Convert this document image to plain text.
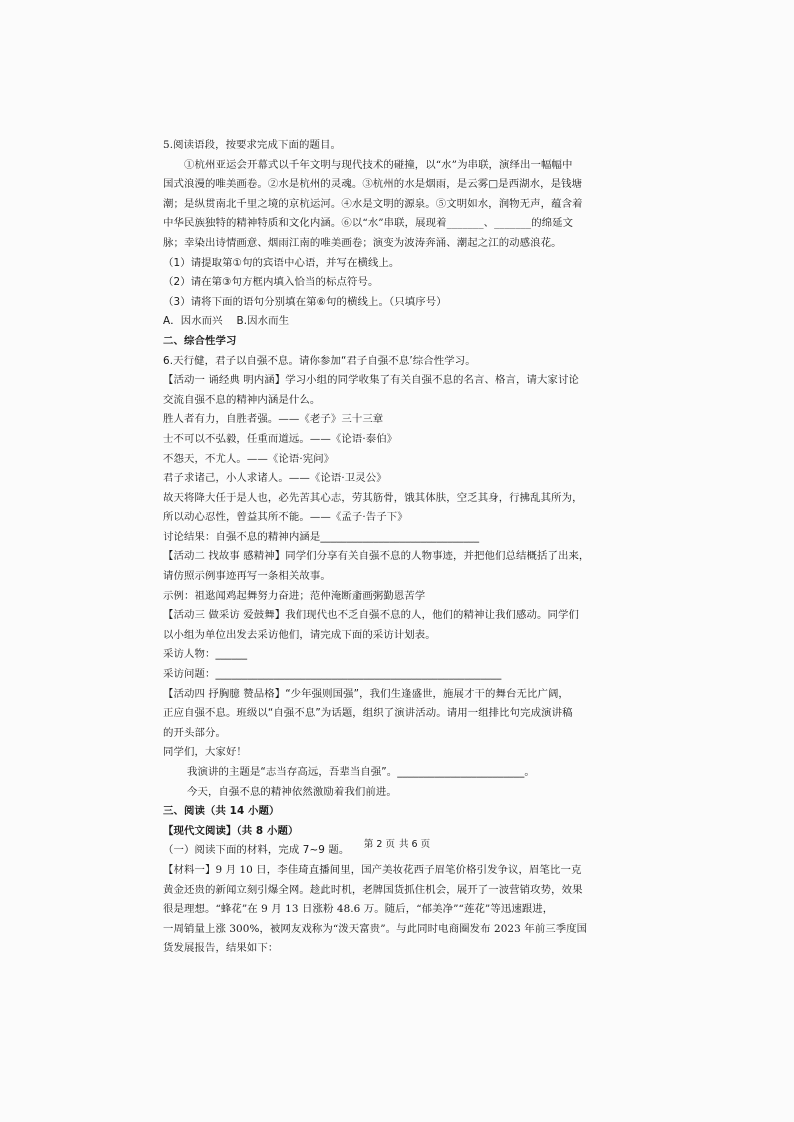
5.阅读语段，按要求完成下面的题目。
①杭州亚运会开幕式以千年文明与现代技术的碰撞，以“水”为串联，演绎出一幅幅中
国式浪漫的唯美画卷。②水是杭州的灵魂。③杭州的水是烟雨，是云雾□是西湖水，是钱塘
潮；是纵贯南北千里之境的京杭运河。④水是文明的源泉。⑤文明如水，润物无声，蕴含着
中华民族独特的精神特质和文化内涵。⑥以“水”串联，展现着_______、_______的绵延文
脉；幸染出诗情画意、烟雨江南的唯美画卷；演变为波涛奔涌、潮起之江的动感浪花。
（1）请提取第①句的宾语中心语，并写在横线上。
（2）请在第③句方框内填入恰当的标点符号。
（3）请将下面的语句分别填在第⑥句的横线上。（只填序号）
A．因水而兴　 B.因水而生
二、综合性学习
6.天行健，君子以自强不息。请你参加“君子自强不息’综合性学习。
【活动一 诵经典 明内涵】学习小组的同学收集了有关自强不息的名言、格言，请大家讨论
交流自强不息的精神内涵是什么。
胜人者有力，自胜者强。——《老子》三十三章
士不可以不弘毅，任重而道远。——《论语·泰伯》
不怨天，不尤人。——《论语·宪问》
君子求诸己，小人求诸人。——《论语·卫灵公》
故天将降大任于是人也，必先苦其心志，劳其筋骨，饿其体肤，空乏其身，行拂乱其所为，
所以动心忍性，曾益其所不能。——《孟子·告子下》
讨论结果：自强不息的精神内涵是______________________________
【活动二 找故事 感精神】同学们分享有关自强不息的人物事迹，并把他们总结概括了出来，
请仿照示例事迹再写一条相关故事。
示例：祖逖闻鸡起舞努力奋进；范仲淹断齑画粥勤恩苦学
【活动三 做采访 爱鼓舞】我们现代也不乏自强不息的人，他们的精神让我们感动。同学们
以小组为单位出发去采访他们，请完成下面的采访计划表。
采访人物：______
采访问题：______________________________________________________
【活动四 抒胸臆 赞品格】“少年强则国强”，我们生逢盛世，施展才干的舞台无比广阔，
正应自强不息。班级以“自强不息”为话题，组织了演讲活动。请用一组排比句完成演讲稿
的开头部分。
同学们，大家好！
我演讲的主题是“志当存高远，吾辈当自强”。________________________。
今天，自强不息的精神依然激励着我们前进。
三、阅读（共 14 小题）
【现代文阅读】（共 8 小题）
（一）阅读下面的材料，完成 7~9 题。
【材料一】9 月 10 日，李佳琦直播间里，国产美妆花西子眉笔价格引发争议，眉笔比一克
黄金还贵的新闻立刻引爆全网。趁此时机，老牌国货抓住机会，展开了一波营销攻势，效果
很是理想。“蜂花”在 9 月 13 日涨粉 48.6 万。随后，“郁美净”“莲花”等迅速跟进，
一周销量上涨 300%，被网友戏称为“泼天富贵”。与此同时电商圈发布 2023 年前三季度国
货发展报告，结果如下：
第 2 页 共 6 页
